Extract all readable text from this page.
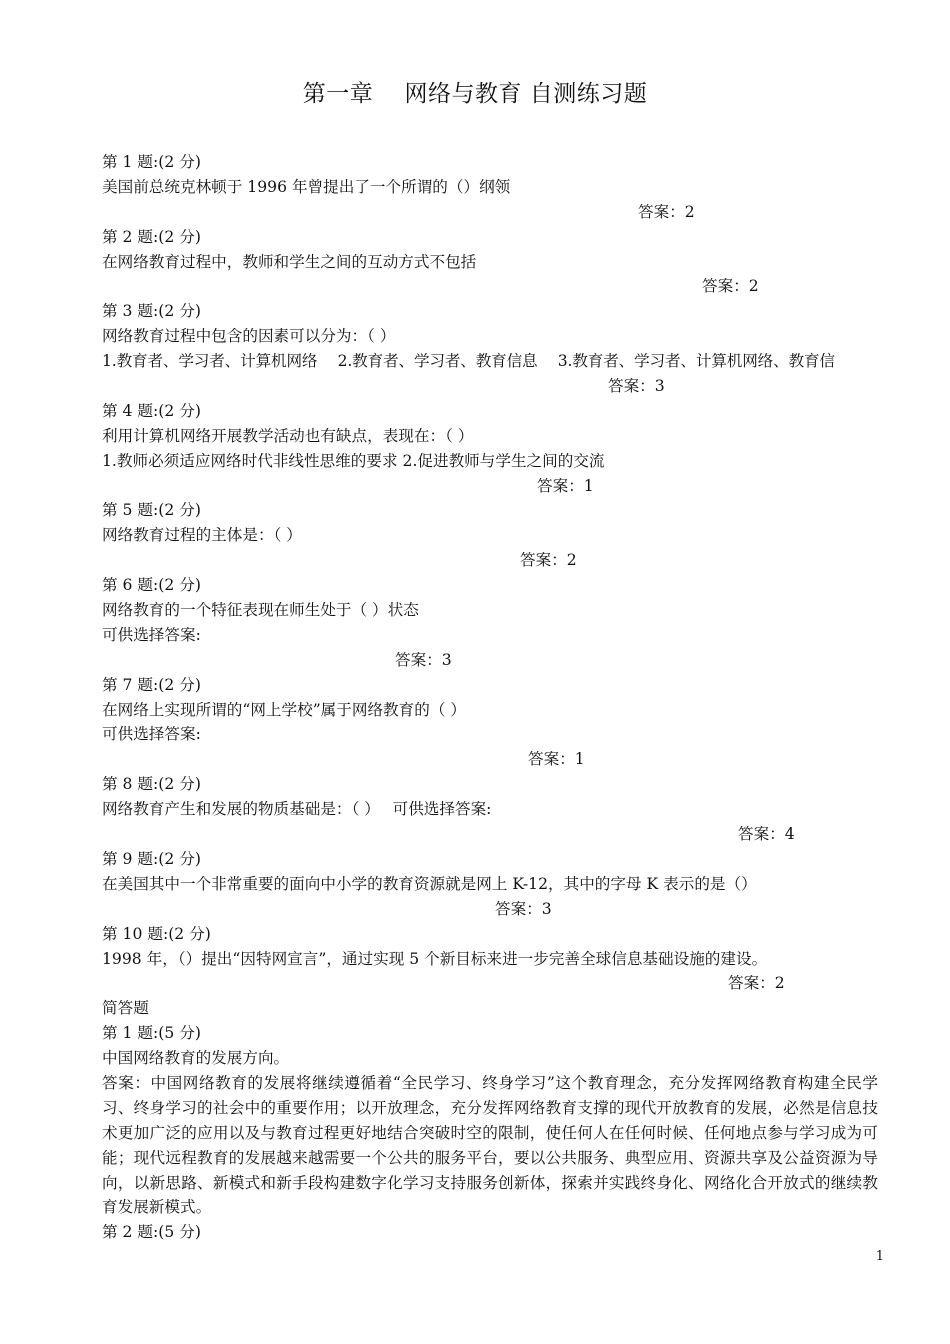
第一章　 网络与教育 自测练习题
第 1 题:(2 分)
美国前总统克林顿于 1996 年曾提出了一个所谓的（）纲领

答案：2

第 2 题:(2 分)
在网络教育过程中，教师和学生之间的互动方式不包括

答案：2

第 3 题:(2 分)
网络教育过程中包含的因素可以分为：（ ）
1.教育者、学习者、计算机网络　 2.教育者、学习者、教育信息　 3.教育者、学习者、计算机网络、教育信

答案：3

第 4 题:(2 分)
利用计算机网络开展教学活动也有缺点，表现在：（ ）
1.教师必须适应网络时代非线性思维的要求 2.促进教师与学生之间的交流

答案：1

第 5 题:(2 分)
网络教育过程的主体是：（ ）

答案：2

第 6 题:(2 分)
网络教育的一个特征表现在师生处于（ ）状态
可供选择答案:

答案：3

第 7 题:(2 分)
在网络上实现所谓的“网上学校”属于网络教育的（ ）
可供选择答案:

答案：1

第 8 题:(2 分)
网络教育产生和发展的物质基础是：（ ）　 可供选择答案:

答案：4

第 9 题:(2 分)
在美国其中一个非常重要的面向中小学的教育资源就是网上 K-12，其中的字母 K 表示的是（）

答案：3

第 10 题:(2 分)
1998 年，（）提出“因特网宣言”，通过实现 5 个新目标来进一步完善全球信息基础设施的建设。

答案：2

简答题
第 1 题:(5 分)
中国网络教育的发展方向。
答案：中国网络教育的发展将继续遵循着“全民学习、终身学习”这个教育理念，充分发挥网络教育构建全民学习、终身学习的社会中的重要作用；以开放理念，充分发挥网络教育支撑的现代开放教育的发展，必然是信息技术更加广泛的应用以及与教育过程更好地结合突破时空的限制，使任何人在任何时候、任何地点参与学习成为可能；现代远程教育的发展越来越需要一个公共的服务平台，要以公共服务、典型应用、资源共享及公益资源为导向，以新思路、新模式和新手段构建数字化学习支持服务创新体，探索并实践终身化、网络化合开放式的继续教育发展新模式。
第 2 题:(5 分)
1
